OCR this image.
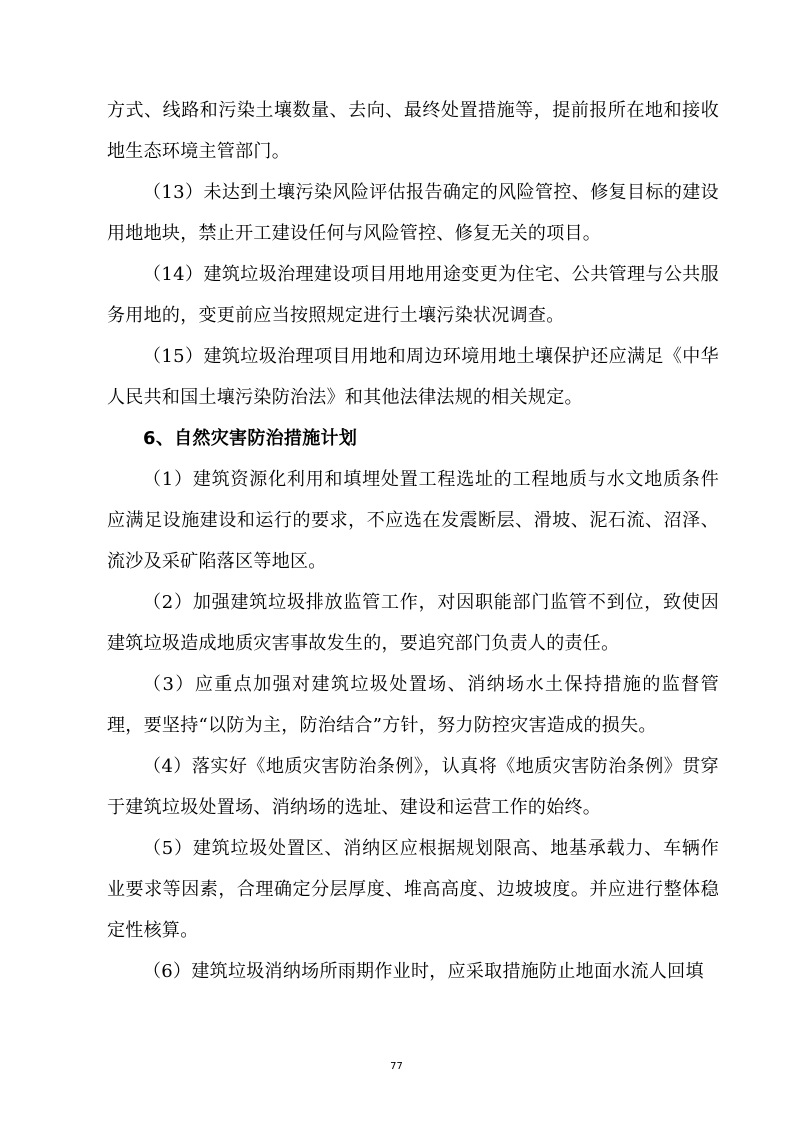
方式、线路和污染土壤数量、去向、最终处置措施等，提前报所在地和接收地生态环境主管部门。

（13）未达到土壤污染风险评估报告确定的风险管控、修复目标的建设用地地块，禁止开工建设任何与风险管控、修复无关的项目。

（14）建筑垃圾治理建设项目用地用途变更为住宅、公共管理与公共服务用地的，变更前应当按照规定进行土壤污染状况调查。

（15）建筑垃圾治理项目用地和周边环境用地土壤保护还应满足《中华人民共和国土壤污染防治法》和其他法律法规的相关规定。

6、自然灾害防治措施计划

（1）建筑资源化利用和填埋处置工程选址的工程地质与水文地质条件应满足设施建设和运行的要求，不应选在发震断层、滑坡、泥石流、沼泽、流沙及采矿陷落区等地区。

（2）加强建筑垃圾排放监管工作，对因职能部门监管不到位，致使因建筑垃圾造成地质灾害事故发生的，要追究部门负责人的责任。

（3）应重点加强对建筑垃圾处置场、消纳场水土保持措施的监督管理，要坚持“以防为主，防治结合”方针，努力防控灾害造成的损失。

（4）落实好《地质灾害防治条例》，认真将《地质灾害防治条例》贯穿于建筑垃圾处置场、消纳场的选址、建设和运营工作的始终。

（5）建筑垃圾处置区、消纳区应根据规划限高、地基承载力、车辆作业要求等因素，合理确定分层厚度、堆高高度、边坡坡度。并应进行整体稳定性核算。

（6）建筑垃圾消纳场所雨期作业时，应采取措施防止地面水流人回填

77
